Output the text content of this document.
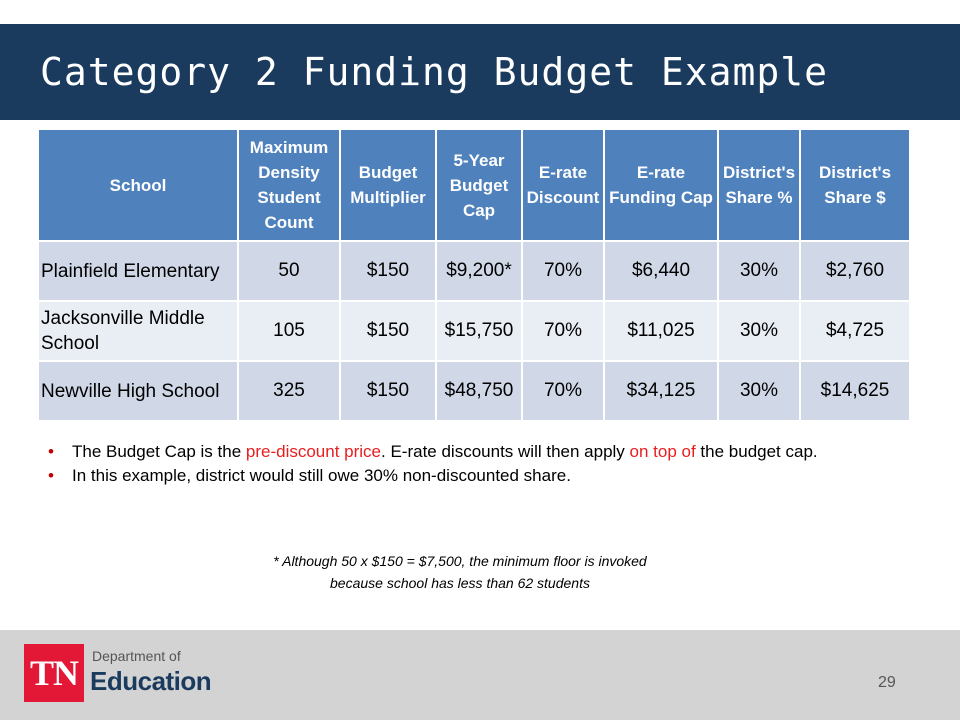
Category 2 Funding Budget Example
School	Maximum Density Student Count	Budget Multiplier	5-Year Budget Cap	E-rate Discount	E-rate Funding Cap	District's Share %	District's Share $
Plainfield Elementary	50	$150	$9,200*	70%	$6,440	30%	$2,760
Jacksonville Middle School	105	$150	$15,750	70%	$11,025	30%	$4,725
Newville High School	325	$150	$48,750	70%	$34,125	30%	$14,625
• The Budget Cap is the pre-discount price. E-rate discounts will then apply on top of the budget cap.
• In this example, district would still owe 30% non-discounted share.
* Although 50 x $150 = $7,500, the minimum floor is invoked
because school has less than 62 students
TN	Department of
Education	29
